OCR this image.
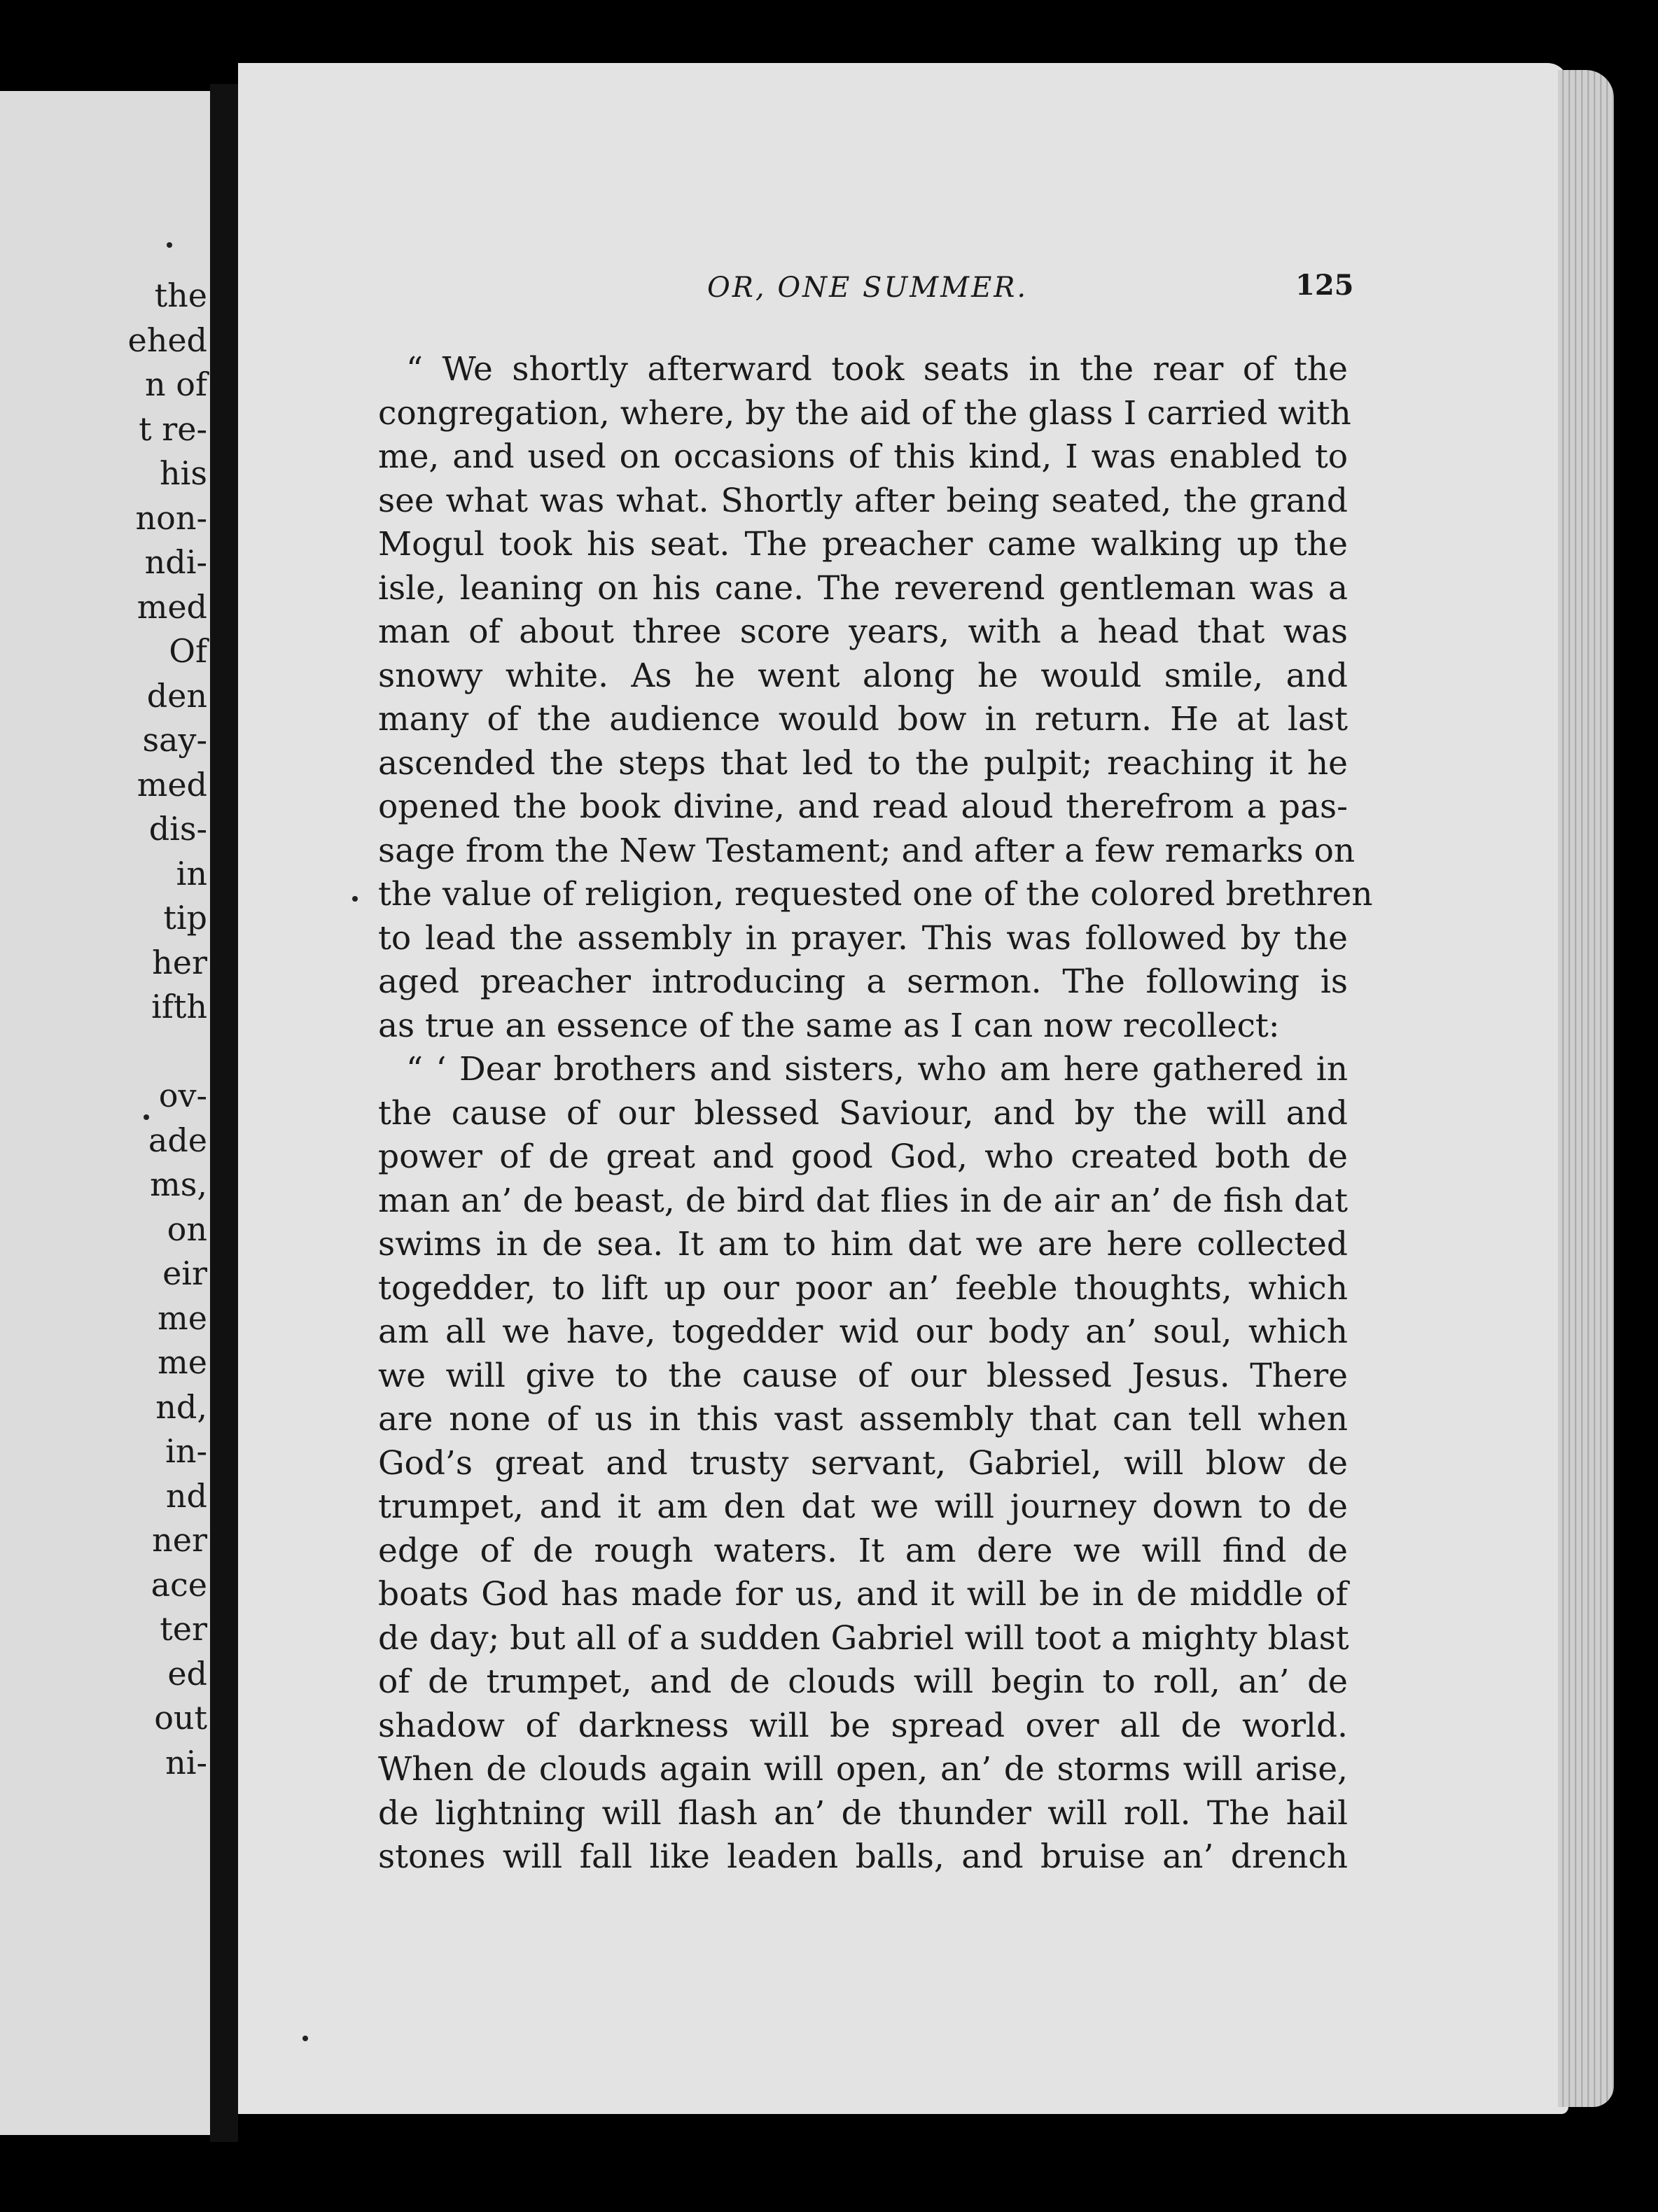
the
ehed
n of
t re-
his
non-
ndi-
med
Of
den
say-
med
dis-
in
tip
her
ifth
ov-
ade
ms,
on
eir
me
me
nd,
in-
nd
ner
ace
ter
ed
out
ni-
OR, ONE SUMMER.	125
“ We shortly afterward took seats in the rear of the
congregation, where, by the aid of the glass I carried with
me, and used on occasions of this kind, I was enabled to
see what was what. Shortly after being seated, the grand
Mogul took his seat. The preacher came walking up the
isle, leaning on his cane. The reverend gentleman was a
man of about three score years, with a head that was
snowy white. As he went along he would smile, and
many of the audience would bow in return. He at last
ascended the steps that led to the pulpit; reaching it he
opened the book divine, and read aloud therefrom a pas-
sage from the New Testament; and after a few remarks on
the value of religion, requested one of the colored brethren
to lead the assembly in prayer. This was followed by the
aged preacher introducing a sermon. The following is
as true an essence of the same as I can now recollect:
“ ‘ Dear brothers and sisters, who am here gathered in
the cause of our blessed Saviour, and by the will and
power of de great and good God, who created both de
man an’ de beast, de bird dat flies in de air an’ de fish dat
swims in de sea. It am to him dat we are here collected
togedder, to lift up our poor an’ feeble thoughts, which
am all we have, togedder wid our body an’ soul, which
we will give to the cause of our blessed Jesus. There
are none of us in this vast assembly that can tell when
God’s great and trusty servant, Gabriel, will blow de
trumpet, and it am den dat we will journey down to de
edge of de rough waters. It am dere we will find de
boats God has made for us, and it will be in de middle of
de day; but all of a sudden Gabriel will toot a mighty blast
of de trumpet, and de clouds will begin to roll, an’ de
shadow of darkness will be spread over all de world.
When de clouds again will open, an’ de storms will arise,
de lightning will flash an’ de thunder will roll. The hail
stones will fall like leaden balls, and bruise an’ drench
